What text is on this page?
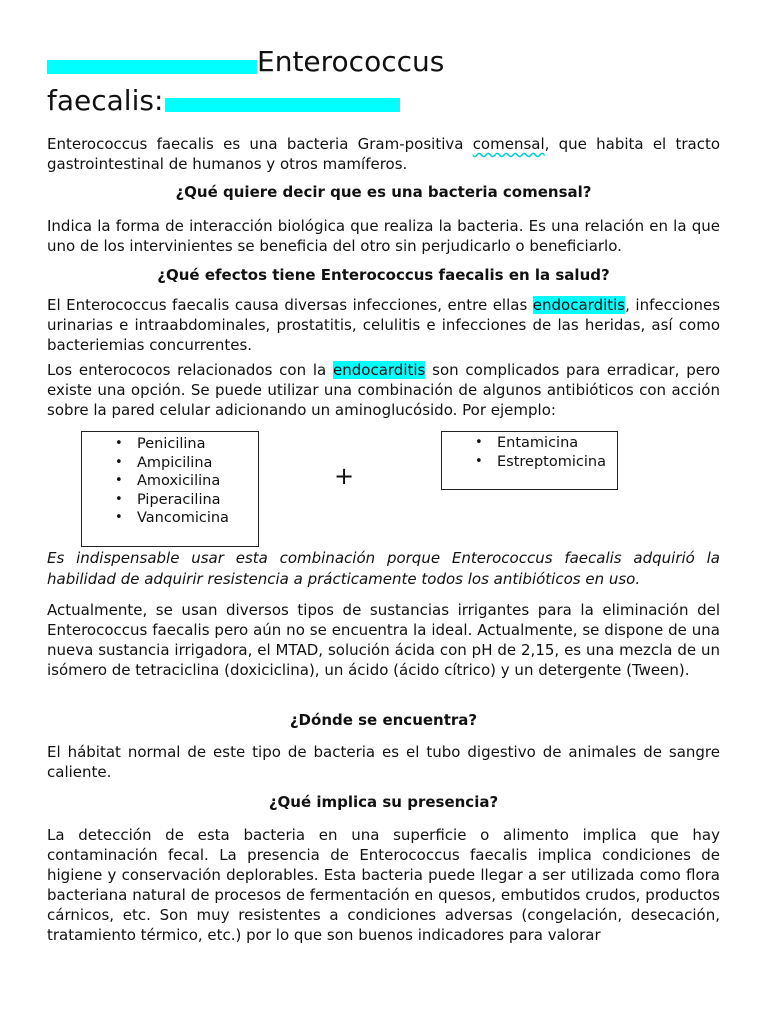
Enterococcus
faecalis:

Enterococcus faecalis es una bacteria Gram-positiva comensal, que habita el tracto gastrointestinal de humanos y otros mamíferos.

¿Qué quiere decir que es una bacteria comensal?

Indica la forma de interacción biológica que realiza la bacteria. Es una relación en la que uno de los intervinientes se beneficia del otro sin perjudicarlo o beneficiarlo.

¿Qué efectos tiene Enterococcus faecalis en la salud?

El Enterococcus faecalis causa diversas infecciones, entre ellas endocarditis, infecciones urinarias e intraabdominales, prostatitis, celulitis e infecciones de las heridas, así como bacteriemias concurrentes.

Los enterococos relacionados con la endocarditis son complicados para erradicar, pero existe una opción. Se puede utilizar una combinación de algunos antibióticos con acción sobre la pared celular adicionando un aminoglucósido. Por ejemplo:

• Penicilina
• Ampicilina
• Amoxicilina
• Piperacilina
• Vancomicina
+
• Entamicina
• Estreptomicina

Es indispensable usar esta combinación porque Enterococcus faecalis adquirió la habilidad de adquirir resistencia a prácticamente todos los antibióticos en uso.

Actualmente, se usan diversos tipos de sustancias irrigantes para la eliminación del Enterococcus faecalis pero aún no se encuentra la ideal. Actualmente, se dispone de una nueva sustancia irrigadora, el MTAD, solución ácida con pH de 2,15, es una mezcla de un isómero de tetraciclina (doxiciclina), un ácido (ácido cítrico) y un detergente (Tween).

¿Dónde se encuentra?

El hábitat normal de este tipo de bacteria es el tubo digestivo de animales de sangre caliente.

¿Qué implica su presencia?

La detección de esta bacteria en una superficie o alimento implica que hay contaminación fecal. La presencia de Enterococcus faecalis implica condiciones de higiene y conservación deplorables. Esta bacteria puede llegar a ser utilizada como flora bacteriana natural de procesos de fermentación en quesos, embutidos crudos, productos cárnicos, etc. Son muy resistentes a condiciones adversas (congelación, desecación, tratamiento térmico, etc.) por lo que son buenos indicadores para valorar
